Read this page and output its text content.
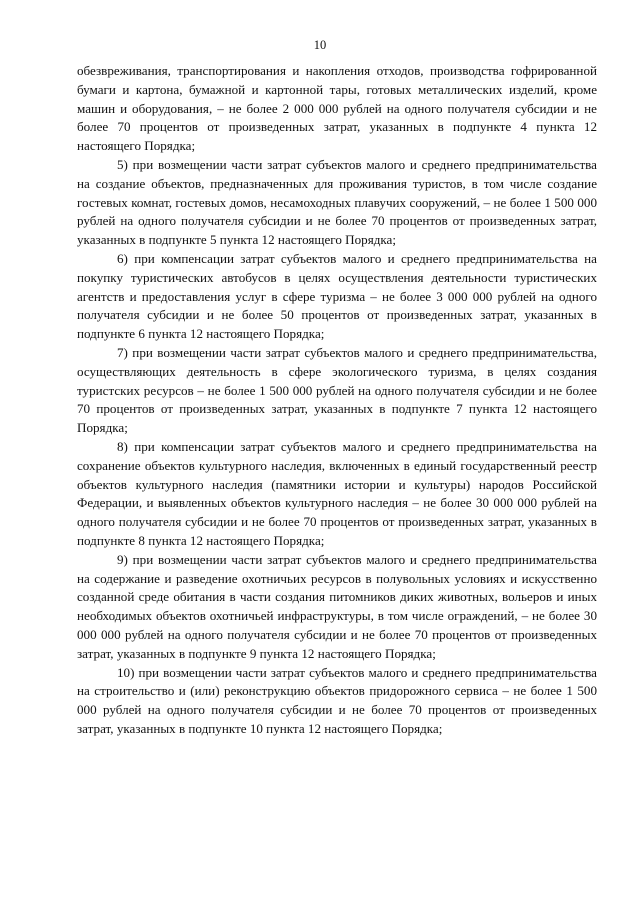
10

обезвреживания, транспортирования и накопления отходов, производства гофрированной бумаги и картона, бумажной и картонной тары, готовых металлических изделий, кроме машин и оборудования, – не более 2 000 000 рублей на одного получателя субсидии и не более 70 процентов от произведенных затрат, указанных в подпункте 4 пункта 12 настоящего Порядка;

5) при возмещении части затрат субъектов малого и среднего предпринимательства на создание объектов, предназначенных для проживания туристов, в том числе создание гостевых комнат, гостевых домов, несамоходных плавучих сооружений, – не более 1 500 000 рублей на одного получателя субсидии и не более 70 процентов от произведенных затрат, указанных в подпункте 5 пункта 12 настоящего Порядка;

6) при компенсации затрат субъектов малого и среднего предпринимательства на покупку туристических автобусов в целях осуществления деятельности туристических агентств и предоставления услуг в сфере туризма – не более 3 000 000 рублей на одного получателя субсидии и не более 50 процентов от произведенных затрат, указанных в подпункте 6 пункта 12 настоящего Порядка;

7) при возмещении части затрат субъектов малого и среднего предпринимательства, осуществляющих деятельность в сфере экологического туризма, в целях создания туристских ресурсов – не более 1 500 000 рублей на одного получателя субсидии и не более 70 процентов от произведенных затрат, указанных в подпункте 7 пункта 12 настоящего Порядка;

8) при компенсации затрат субъектов малого и среднего предпринимательства на сохранение объектов культурного наследия, включенных в единый государственный реестр объектов культурного наследия (памятники истории и культуры) народов Российской Федерации, и выявленных объектов культурного наследия – не более 30 000 000 рублей на одного получателя субсидии и не более 70 процентов от произведенных затрат, указанных в подпункте 8 пункта 12 настоящего Порядка;

9) при возмещении части затрат субъектов малого и среднего предпринимательства на содержание и разведение охотничьих ресурсов в полувольных условиях и искусственно созданной среде обитания в части создания питомников диких животных, вольеров и иных необходимых объектов охотничьей инфраструктуры, в том числе ограждений, – не более 30 000 000 рублей на одного получателя субсидии и не более 70 процентов от произведенных затрат, указанных в подпункте 9 пункта 12 настоящего Порядка;

10) при возмещении части затрат субъектов малого и среднего предпринимательства на строительство и (или) реконструкцию объектов придорожного сервиса – не более 1 500 000 рублей на одного получателя субсидии и не более 70 процентов от произведенных затрат, указанных в подпункте 10 пункта 12 настоящего Порядка;
